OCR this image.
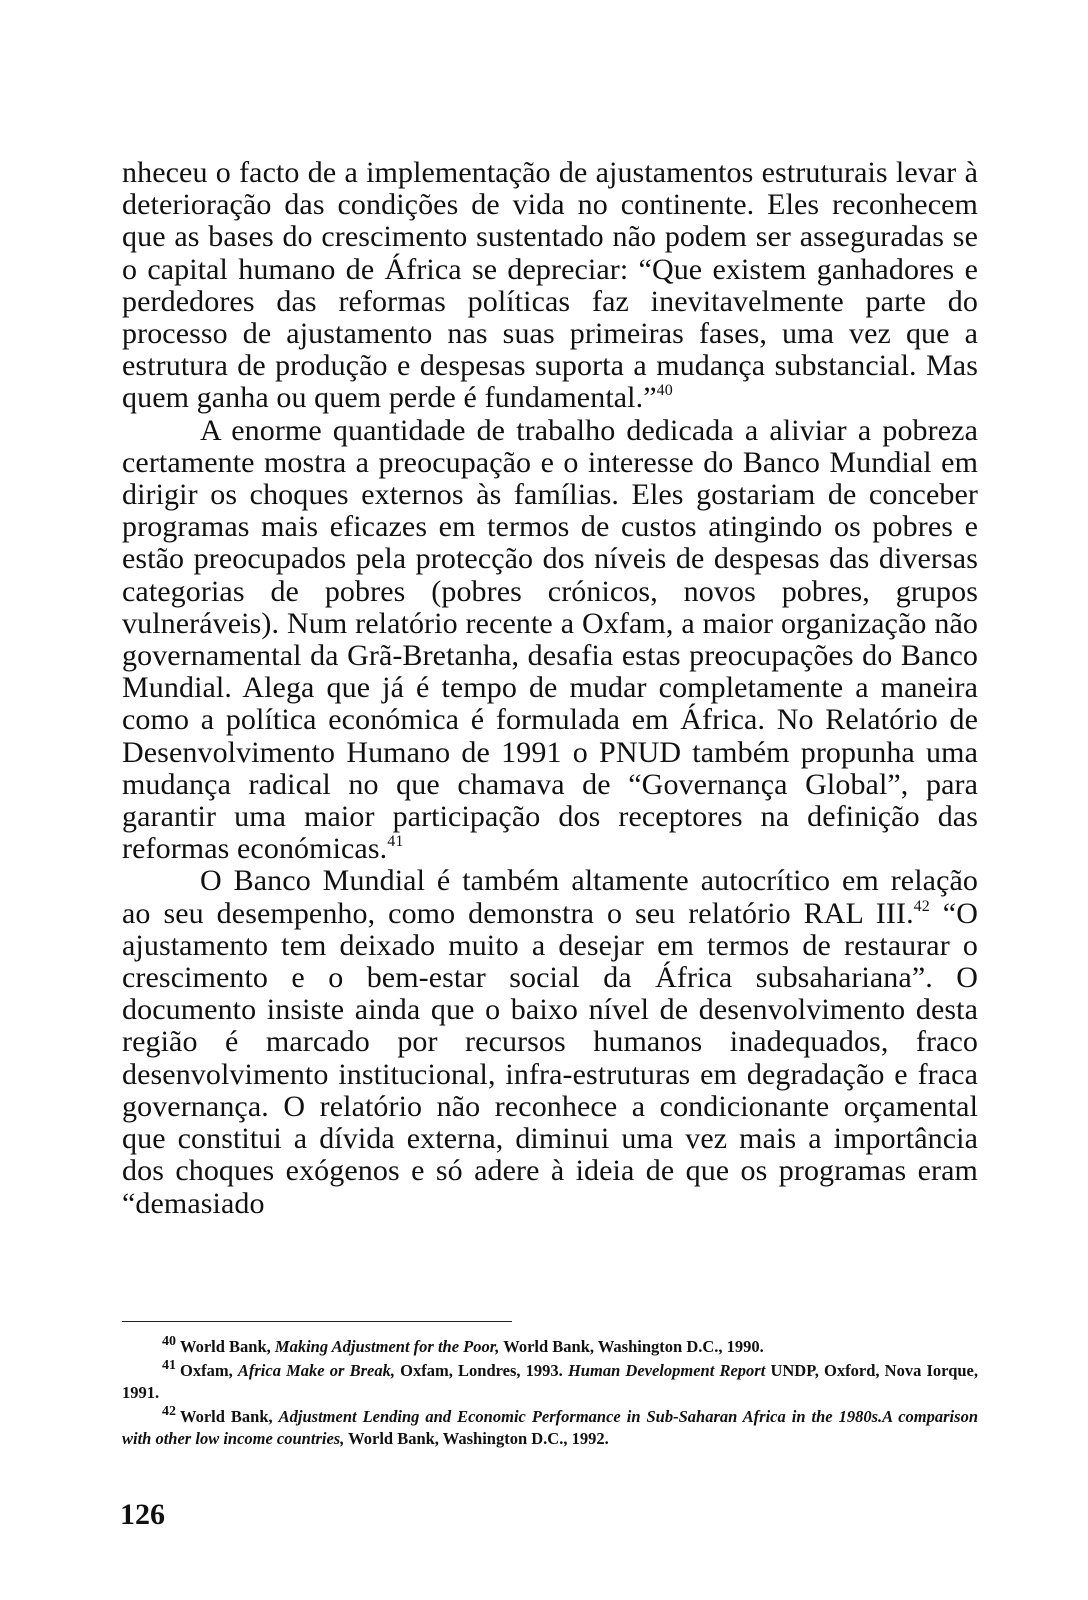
nheceu o facto de a implementação de ajustamentos estruturais levar à deterioração das condições de vida no continente. Eles reconhecem que as bases do crescimento sustentado não podem ser asseguradas se o capital humano de África se depreciar: “Que existem ganhadores e perdedores das reformas políticas faz inevitavelmente parte do processo de ajustamento nas suas primeiras fases, uma vez que a estrutura de produção e despesas suporta a mudança substancial. Mas quem ganha ou quem perde é fundamental.”$^{40}$

A enorme quantidade de trabalho dedicada a aliviar a pobreza certamente mostra a preocupação e o interesse do Banco Mundial em dirigir os choques externos às famílias. Eles gostariam de conceber programas mais eficazes em termos de custos atingindo os pobres e estão preocupados pela protecção dos níveis de despesas das diversas categorias de pobres (pobres crónicos, novos pobres, grupos vulneráveis). Num relatório recente a Oxfam, a maior organização não governamental da Grã-Bretanha, desafia estas preocupações do Banco Mundial. Alega que já é tempo de mudar completamente a maneira como a política económica é formulada em África. No Relatório de Desenvolvimento Humano de 1991 o PNUD também propunha uma mudança radical no que chamava de “Governança Global”, para garantir uma maior participação dos receptores na definição das reformas económicas.$^{41}$

O Banco Mundial é também altamente autocrítico em relação ao seu desempenho, como demonstra o seu relatório RAL III.$^{42}$ “O ajustamento tem deixado muito a desejar em termos de restaurar o crescimento e o bem-estar social da África subsahariana”. O documento insiste ainda que o baixo nível de desenvolvimento desta região é marcado por recursos humanos inadequados, fraco desenvolvimento institucional, infra-estruturas em degradação e fraca governança. O relatório não reconhece a condicionante orçamental que constitui a dívida externa, diminui uma vez mais a importância dos choques exógenos e só adere à ideia de que os programas eram “demasiado

$^{40}$ World Bank, Making Adjustment for the Poor, World Bank, Washington D.C., 1990.

$^{41}$ Oxfam, Africa Make or Break, Oxfam, Londres, 1993. Human Development Report UNDP, Oxford, Nova Iorque, 1991.

$^{42}$ World Bank, Adjustment Lending and Economic Performance in Sub-Saharan Africa in the 1980s.A comparison with other low income countries, World Bank, Washington D.C., 1992.

126
